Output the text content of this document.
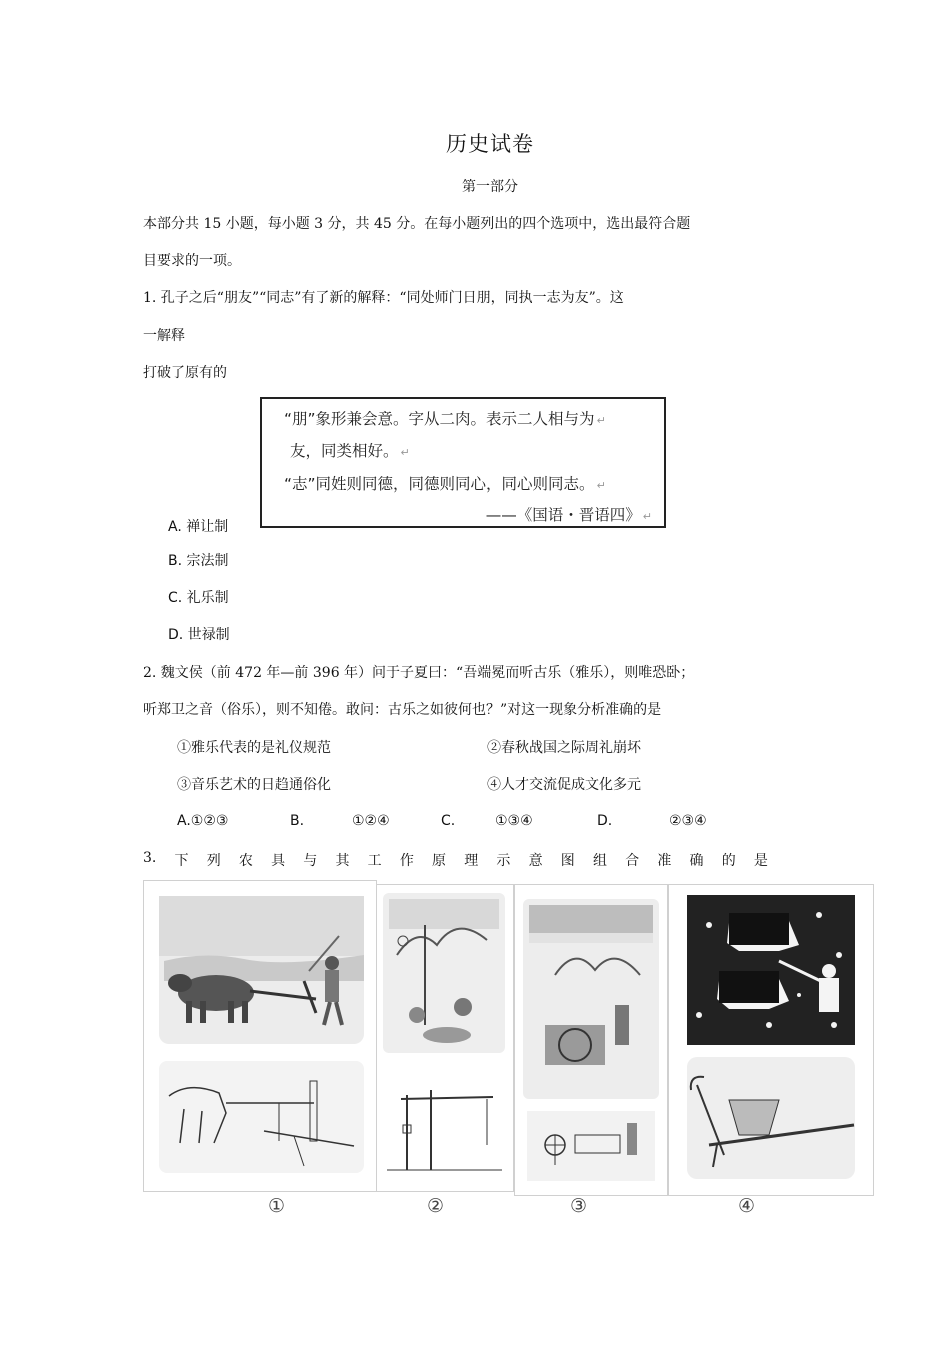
历史试卷
第一部分
本部分共 15 小题，每小题 3 分，共 45 分。在每小题列出的四个选项中，选出最符合题
目要求的一项。
1. 孔子之后“朋友”“同志”有了新的解释：“同处师门日朋，同执一志为友”。这
一解释
打破了原有的
“朋”象形兼会意。字从二肉。表示二人相与为 ↵
友，同类相好。 ↵
“志”同姓则同德，同德则同心，同心则同志。 ↵
——《国语・晋语四》 ↵
A. 禅让制
B. 宗法制
C. 礼乐制
D. 世禄制
2. 魏文侯（前 472 年—前 396 年）问于子夏曰：“吾端冕而听古乐（雅乐），则唯恐卧；
听郑卫之音（俗乐），则不知倦。敢问：古乐之如彼何也？”对这一现象分析准确的是
①雅乐代表的是礼仪规范	②春秋战国之际周礼崩坏
③音乐艺术的日趋通俗化	④人才交流促成文化多元
A.①②③	B.	①②④	C.	①③④	D.	②③④
3. 下 列 农 具 与 其 工 作 原 理 示 意 图 组 合 准 确 的 是
①	②	③	④
